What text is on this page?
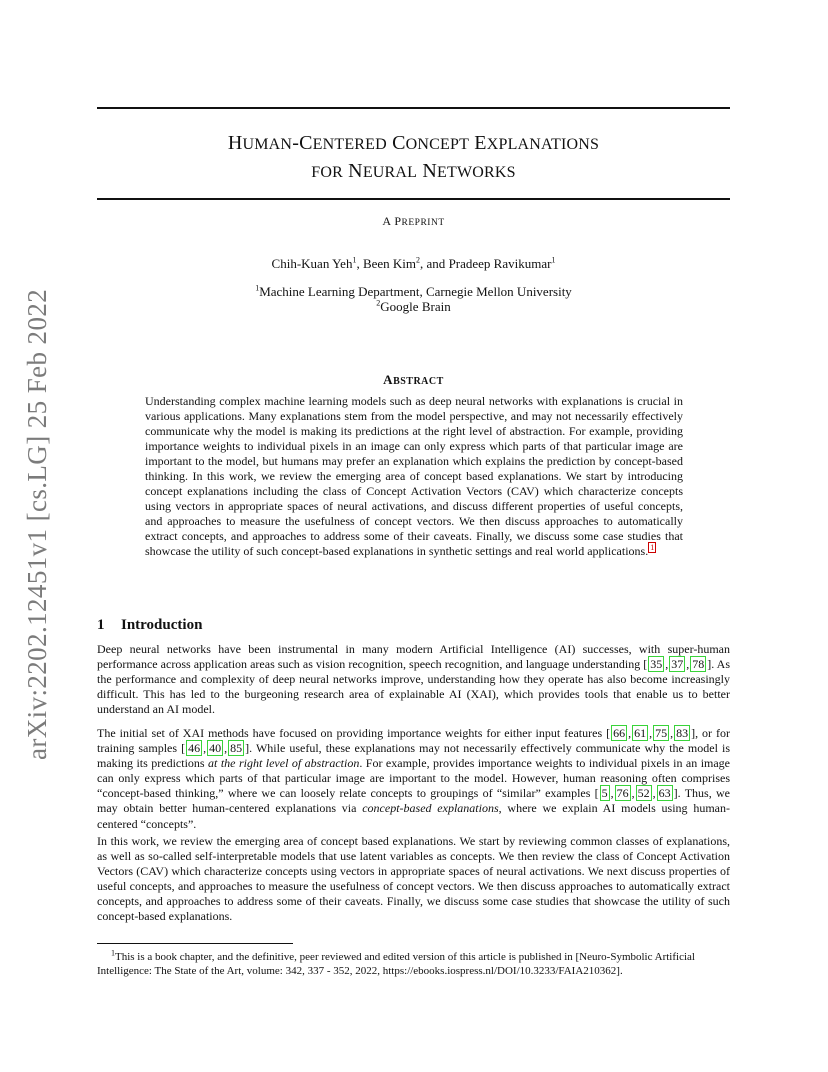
arXiv:2202.12451v1 [cs.LG] 25 Feb 2022
HUMAN-CENTERED CONCEPT EXPLANATIONS
FOR NEURAL NETWORKS
A PREPRINT
Chih-Kuan Yeh$^1$, Been Kim$^2$, and Pradeep Ravikumar$^1$
$^1$Machine Learning Department, Carnegie Mellon University
$^2$Google Brain
ABSTRACT

Understanding complex machine learning models such as deep neural networks with explanations is crucial in various applications. Many explanations stem from the model perspective, and may not necessarily effectively communicate why the model is making its predictions at the right level of abstraction. For example, providing importance weights to individual pixels in an image can only express which parts of that particular image are important to the model, but humans may prefer an explanation which explains the prediction by concept-based thinking. In this work, we review the emerging area of concept based explanations. We start by introducing concept explanations including the class of Concept Activation Vectors (CAV) which characterize concepts using vectors in appropriate spaces of neural activations, and discuss different properties of useful concepts, and approaches to measure the usefulness of concept vectors. We then discuss approaches to automatically extract concepts, and approaches to address some of their caveats. Finally, we discuss some case studies that showcase the utility of such concept-based explanations in synthetic settings and real world applications. $^1$

1 Introduction

Deep neural networks have been instrumental in many modern Artificial Intelligence (AI) successes, with super-human performance across application areas such as vision recognition, speech recognition, and language understanding [ 35 , 37 , 78 ]. As the performance and complexity of deep neural networks improve, understanding how they operate has also become increasingly difficult. This has led to the burgeoning research area of explainable AI (XAI), which provides tools that enable us to better understand an AI model.

The initial set of XAI methods have focused on providing importance weights for either input features [ 66 , 61 , 75 , 83 ], or for training samples [ 46 , 40 , 85 ]. While useful, these explanations may not necessarily effectively communicate why the model is making its predictions at the right level of abstraction. For example, provides importance weights to individual pixels in an image can only express which parts of that particular image are important to the model. However, human reasoning often comprises “concept-based thinking,” where we can loosely relate concepts to groupings of “similar” examples [ 5 , 76 , 52 , 63 ]. Thus, we may obtain better human-centered explanations via concept-based explanations, where we explain AI models using human-centered “concepts”.

In this work, we review the emerging area of concept based explanations. We start by reviewing common classes of explanations, as well as so-called self-interpretable models that use latent variables as concepts. We then review the class of Concept Activation Vectors (CAV) which characterize concepts using vectors in appropriate spaces of neural activations. We next discuss properties of useful concepts, and approaches to measure the usefulness of concept vectors. We then discuss approaches to automatically extract concepts, and approaches to address some of their caveats. Finally, we discuss some case studies that showcase the utility of such concept-based explanations.

$^1$This is a book chapter, and the definitive, peer reviewed and edited version of this article is published in [Neuro-Symbolic Artificial Intelligence: The State of the Art, volume: 342, 337 - 352, 2022, https://ebooks.iospress.nl/DOI/10.3233/FAIA210362].
